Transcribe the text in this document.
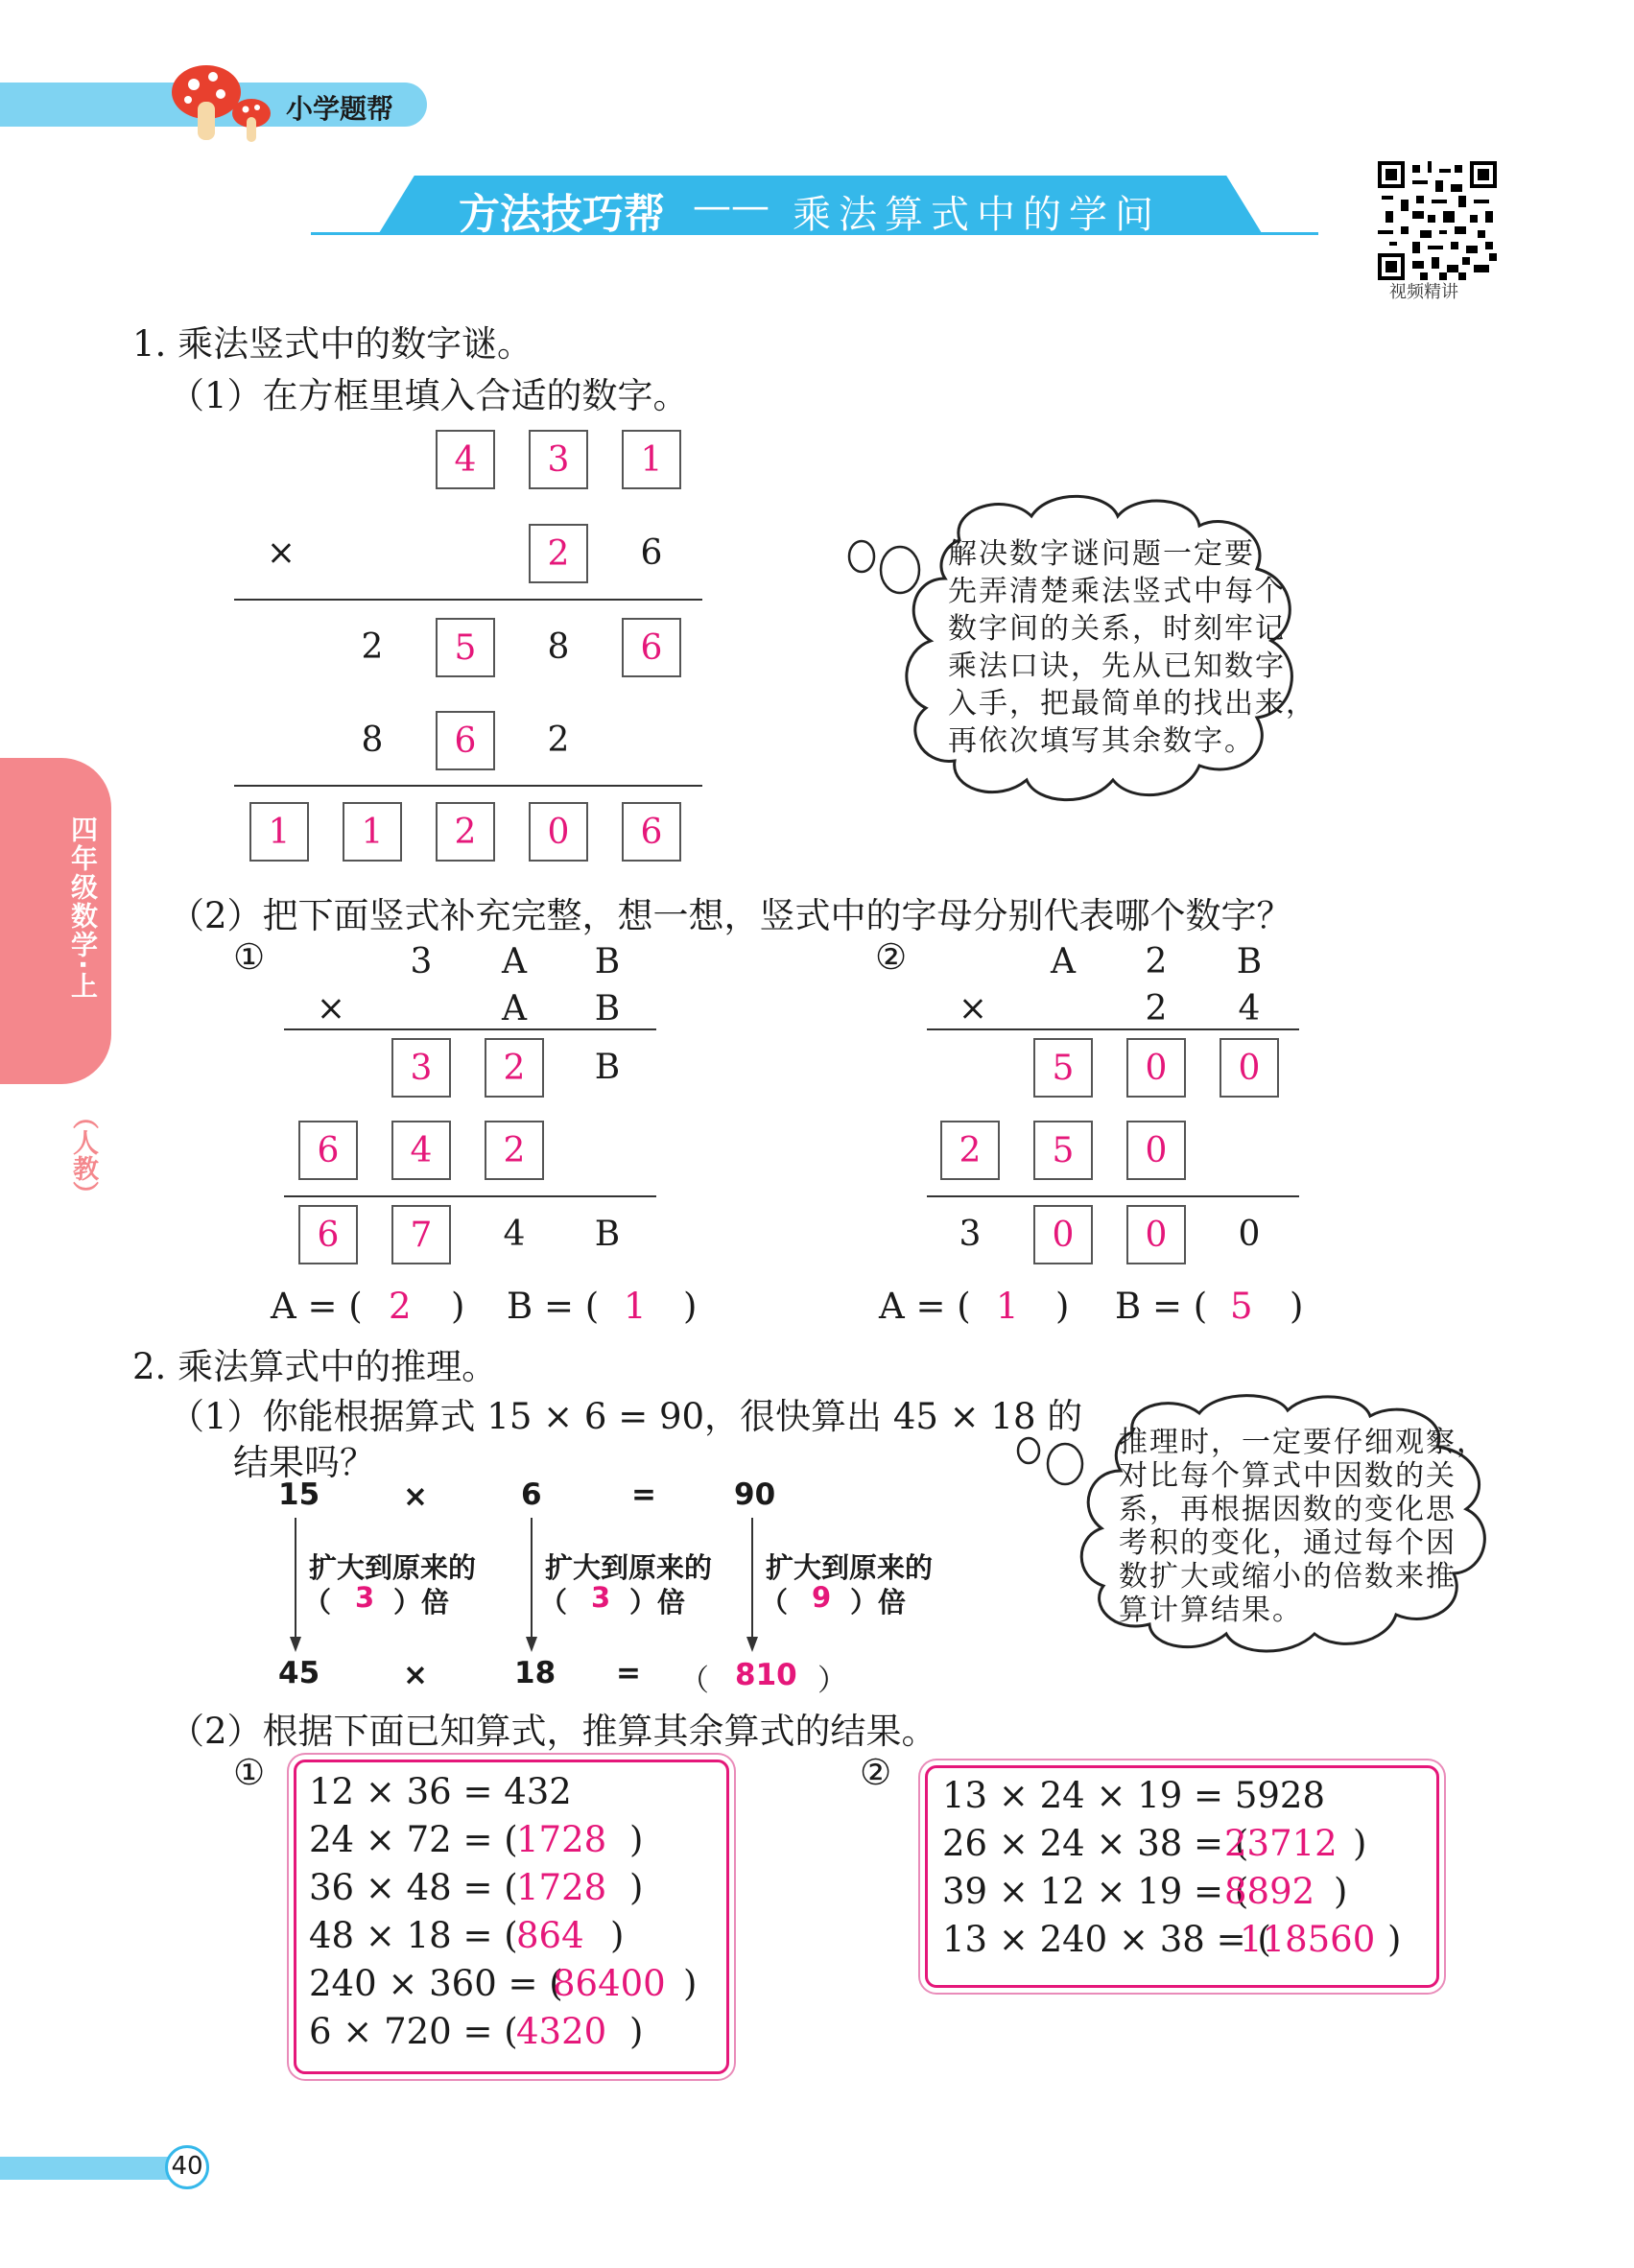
小学题帮
方法技巧帮 —— 乘法算式中的学问
视频精讲
四年级数学·上
（人教）
1. 乘法竖式中的数字谜。
（1）在方框里填入合适的数字。
4	3	1
×	2	6
2	5	8	6
8	6	2
1	1	2	0	6
解决数字谜问题一定要
先弄清楚乘法竖式中每个
数字间的关系，时刻牢记
乘法口诀，先从已知数字
入手，把最简单的找出来，
再依次填写其余数字。
（2）把下面竖式补充完整，想一想，竖式中的字母分别代表哪个数字？
①	3	A	B
×	A	B
3	2	B
6	4	2
6	7	4	B
A = ( 2 ) B = ( 1 )
②	A	2	B
×	2	4
5	0	0
2	5	0
3	0	0	0
A = ( 1 ) B = ( 5 )
2. 乘法算式中的推理。
（1）你能根据算式 15 × 6 = 90，很快算出 45 × 18 的
结果吗？
15	×	6	=	90
扩大到原来的
（ 3 ）倍
扩大到原来的
（ 3 ）倍
扩大到原来的
（ 9 ）倍
45	×	18 = （ 810 ）
推理时，一定要仔细观察，
对比每个算式中因数的关
系，再根据因数的变化思
考积的变化，通过每个因
数扩大或缩小的倍数来推
算计算结果。
（2）根据下面已知算式，推算其余算式的结果。
① 12 × 36 = 432
24 × 72 = (
1728 )
36 × 48 = (
1728 )
48 × 18 = (
864 )
240 × 360 = (
86400 )
6 × 720 = (
4320 )
②
13 × 24 × 19 = 5928
26 × 24 × 38 = (
23712 )
39 × 12 × 19 = (
8892 )
13 × 240 × 38 = (
118560 )
40
